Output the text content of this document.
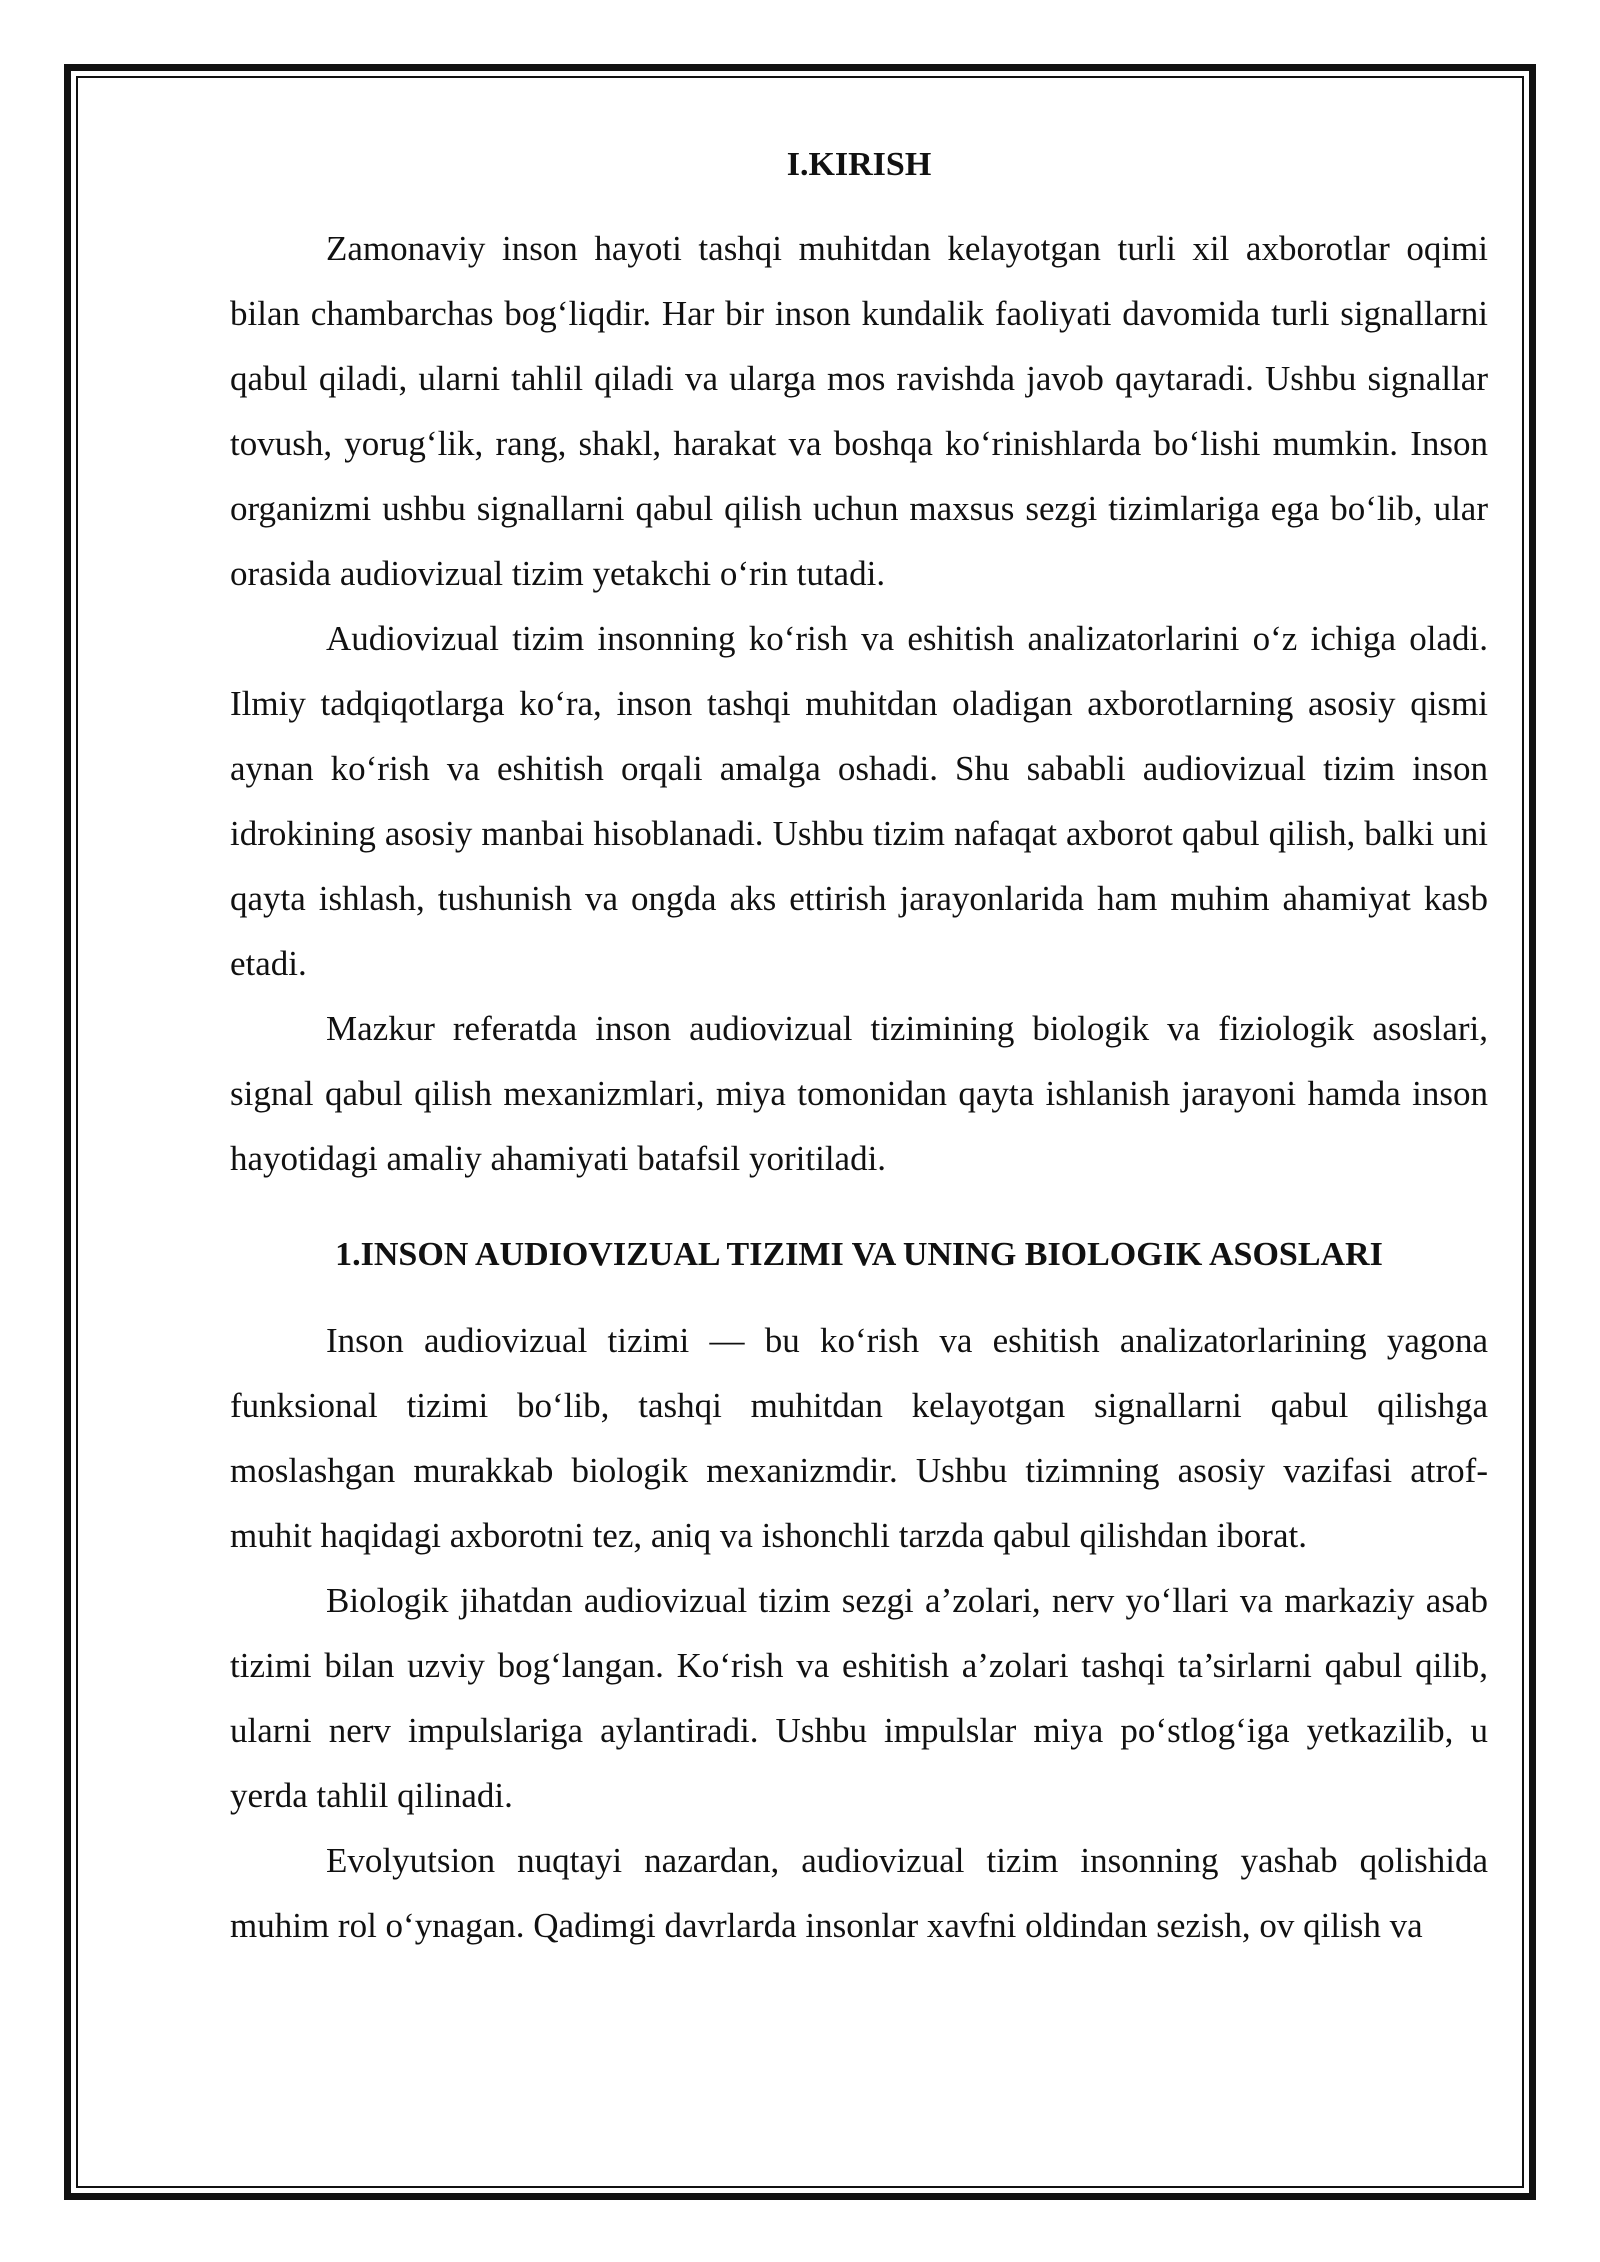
I.KIRISH

Zamonaviy inson hayoti tashqi muhitdan kelayotgan turli xil axborotlar oqimi bilan chambarchas bog‘liqdir. Har bir inson kundalik faoliyati davomida turli signallarni qabul qiladi, ularni tahlil qiladi va ularga mos ravishda javob qaytaradi. Ushbu signallar tovush, yorug‘lik, rang, shakl, harakat va boshqa ko‘rinishlarda bo‘lishi mumkin. Inson organizmi ushbu signallarni qabul qilish uchun maxsus sezgi tizimlariga ega bo‘lib, ular orasida audiovizual tizim yetakchi o‘rin tutadi.

Audiovizual tizim insonning ko‘rish va eshitish analizatorlarini o‘z ichiga oladi. Ilmiy tadqiqotlarga ko‘ra, inson tashqi muhitdan oladigan axborotlarning asosiy qismi aynan ko‘rish va eshitish orqali amalga oshadi. Shu sababli audiovizual tizim inson idrokining asosiy manbai hisoblanadi. Ushbu tizim nafaqat axborot qabul qilish, balki uni qayta ishlash, tushunish va ongda aks ettirish jarayonlarida ham muhim ahamiyat kasb etadi.

Mazkur referatda inson audiovizual tizimining biologik va fiziologik asoslari, signal qabul qilish mexanizmlari, miya tomonidan qayta ishlanish jarayoni hamda inson hayotidagi amaliy ahamiyati batafsil yoritiladi.

1.INSON AUDIOVIZUAL TIZIMI VA UNING BIOLOGIK ASOSLARI

Inson audiovizual tizimi — bu ko‘rish va eshitish analizatorlarining yagona funksional tizimi bo‘lib, tashqi muhitdan kelayotgan signallarni qabul qilishga moslashgan murakkab biologik mexanizmdir. Ushbu tizimning asosiy vazifasi atrof-muhit haqidagi axborotni tez, aniq va ishonchli tarzda qabul qilishdan iborat.

Biologik jihatdan audiovizual tizim sezgi a’zolari, nerv yo‘llari va markaziy asab tizimi bilan uzviy bog‘langan. Ko‘rish va eshitish a’zolari tashqi ta’sirlarni qabul qilib, ularni nerv impulslariga aylantiradi. Ushbu impulslar miya po‘stlog‘iga yetkazilib, u yerda tahlil qilinadi.

Evolyutsion nuqtayi nazardan, audiovizual tizim insonning yashab qolishida muhim rol o‘ynagan. Qadimgi davrlarda insonlar xavfni oldindan sezish, ov qilish va
